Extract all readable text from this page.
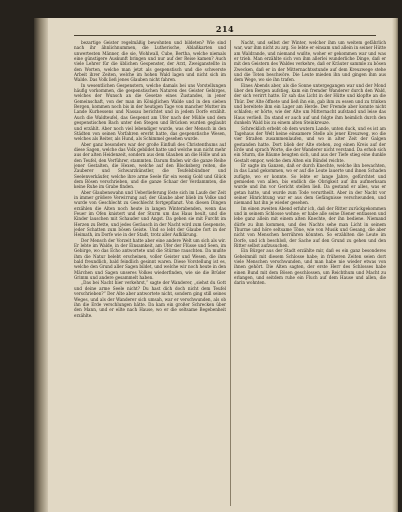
214

bezartige Geister regelmäßig bewohnten und bildeten? Wie sind nach ihr ähnlichnummen, die Lutherische, Ablaßkarten und unwertesten Männer, die sie, Wohlwall, Cube, Bertha, welche niemals eine günstigere Auskunft bringen und nur auf der Reise kamen? Auch viele Lehrer für die üblichen Gespenster, der Arzt, Zweiganstellte in den Worten, welche man jetzt als gespenstisch und die schwerste Arbeit ihrer Zeiten, welche im hohen Wald lagen und nicht sich im Walde. Das Volk ließ jenes Glauben nicht fahren.

In wesentlichen Gespenstern, welche damals bei uns Vorstellungen häufig vorkommen, die gespenstischen Naturen des Geister Gebirges, welches der Wunsch an die Gesetze eines Zustandes, in jener Gemeinschaft, von der man im Königlichen Walde und in den sieben Bergen, kommen noch bis in der heutigen Tage von mancher Mutter im Lande Kurhessens und Nassau berichtet und in jedem Dorfe erzählt. Auch die Waldteufel, das Gespenst am Ufer nach der Mühle und dem gespenstischen Bach unter den Stegen und Brücken wurden geglaubt und erzählt. Aber noch viel lebendiger wurde, was der Mensch in den Städten von seinen Vorfahren ererbt hatte, das gespenstische Wesen, welches als Reiter, als Hund, als Schimmel gesehen wurde.

Aber ganz besonders war der große Einfluß des Christenthums auf diese Sagen, welche das Volk gebildet hatte und welche nun nicht mehr aus der alten Heidenzeit, sondern aus dem Glauben an die Hölle und an den Teufel, den Verführer, stammten. Darum finden wir die ganze Reihe jener Gestalten, die Hexen, welche auf den Blocksberg reiten, die Zauberer und Schwarzkünstler, die Teufelsbündner und Seelenverkäufer, welche ihre arme Seele für ein wenig Gold und Glück dem Bösen verschrieben, und die ganze Schaar der Verdammten, die keine Ruhe im Grabe finden.

Aber Glaubenswahn und Ueberlieferung löste sich im Laufe der Zeit in immer größere Verwirrung auf; der Glaube aber blieb im Volke und wurde von Geschlecht zu Geschlecht fortgepflanzt. Von diesen Dingen erzählen die Alten noch heute in langen Winterabenden, wenn das Feuer im Ofen knistert und der Sturm um das Haus heult, und die Kinder lauschen mit Schauder und Angst. Da gehen sie mit Furcht im Herzen zu Bette, und jedes Geräusch in der Nacht wird zum Gespenste, jeder Schatten zum bösen Geiste. Und so lebt der Glaube fort in der Heimath, im Dorfe wie in der Stadt, trotz aller Aufklärung.

Der Mensch der Vorzeit hatte aber eine andere Welt um sich als wir. Er lebte im Walde, in der Einsamkeit, am Ufer der Flüsse und Seen, im Gebirge, wo das Echo antwortete und die Stürme rauschten. Da mußte ihm die Natur belebt erscheinen, voller Geister und Wesen, die ihm bald freundlich, bald feindlich gesinnt waren. Diese Vorstellung ist es, welche den Grund aller Sagen bildet, und welche wir noch heute in den Märchen und Sagen unseres Volkes wiederfinden, wie sie die Brüder Grimm und andere gesammelt haben.

„Das bei Nacht hier verkehrst,“ sagte der Wanderer, „siehst du Gott und deine arme Seele nicht? Du hast dich doch nicht dem Teufel verschrieben?“ Der Alte aber antwortete nicht, sondern ging still seines Weges, und als der Wanderer sich umsah, war er verschwunden, als ob ihn die Erde verschlungen hätte. Da kam ein großer Schrecken über den Mann, und er eilte nach Hause, wo er die seltsame Begebenheit erzählte.

Nacht, und selbst der Winter, welcher ihm um weitem gefährlich war, war ihm nicht zu arg. So lebte er einsam und allein in seiner Hütte am Waldrande, und niemand wußte, woher er gekommen war und was er trieb. Man erzählte sich von ihm allerlei wunderliche Dinge, daß er mit den Geistern des Waldes verkehre, daß er Kräuter sammle zu bösen Zwecken, daß er in der Mitternachtsstunde auf dem Kreuzwege stehe und die Toten beschwöre. Die Leute mieden ihn und gingen ihm aus dem Wege, wo sie ihn trafen.

Eines Abends aber, als die Sonne untergegangen war und der Mond über den Bergen aufstieg, kam ein fremder Wanderer durch den Wald, der sich verirrt hatte. Er sah das Licht in der Hütte und klopfte an die Thür. Der Alte öffnete und ließ ihn ein, gab ihm zu essen und zu trinken und bereitete ihm ein Lager am Herde. Der Fremde aber konnte nicht schlafen; er hörte, wie der Alte um Mitternacht aufstand und leise das Haus verließ. Da stand er auch auf und folgte ihm heimlich durch den dunkeln Wald bis zu einem alten Steinkreuze.

Schrecklich erbebt ob dem wutern Lande, unten duck, und es ist am Tagehaus der Welt keine einsamere Stelle als jener Kreuzweg, wo die vier Straßen zusammenlaufen, und wo in alter Zeit der Galgen gestanden hatte. Dort blieb der Alte stehen, zog einen Kreis auf der Erde und sprach Worte, die der Wanderer nicht verstand. Da erhob sich ein Sturm, die Bäume beugten sich, und aus der Tiefe stieg eine dunkle Gestalt empor, welche dem Alten ein Bündel reichte.

Er sagte im Ganzen, daß er durch Knechte, welche ihn bewachten, in das Land gekommen, wo er auf die Leute lauerte und ihnen Schaden zufügte, wo er konnte. So lebte er lange Jahre, gefürchtet und gemieden von allen, bis endlich die Obrigkeit auf ihn aufmerksam wurde und ihn vor Gericht stellen ließ. Da gestand er alles, was er getan hatte, und wurde zum Tode verurtheilt. Aber in der Nacht vor seiner Hinrichtung war er aus dem Gefängnisse verschwunden, und niemand hat ihn je wieder gesehen.

Im einen zweiten Abend erfuhr ich, daß der Ritter zurückgekommen und in seinem Schlosse wohne; er habe alle seine Diener entlassen und lebe ganz allein mit einem alten Knechte, der ihn bediene. Niemand dürfe zu ihm kommen, und des Nachts sehe man Licht in seinem Thurme und höre seltsame Töne, wie von Musik und Gesang, die aber nicht von Menschen herrühren könnten. So erzählten die Leute im Dorfe, und ich beschloß, der Sache auf den Grund zu gehen und den Ritter selbst aufzusuchen.

Ein Bürger aus der Stadt erzählte mir, daß es ein ganz besonderes Geheimniß mit diesem Schlosse habe; in früheren Zeiten seien dort viele Menschen verschwunden, und man habe nie wieder etwas von ihnen gehört. Die Alten sagten, der erste Herr des Schlosses habe einen Bund mit dem Bösen geschlossen, um Reichthum und Macht zu erlangen, und seitdem ruhe ein Fluch auf dem Hause und allen, die darin wohnten.
